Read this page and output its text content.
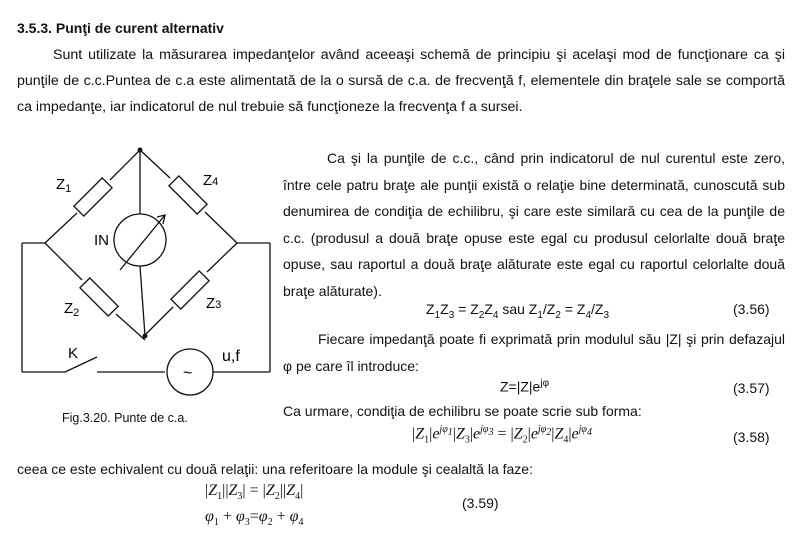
3.5.3. Punţi de curent alternativ
Sunt utilizate la măsurarea impedanţelor având aceeaşi schemă de principiu şi acelaşi mod de funcţionare ca şi punţile de c.c.Puntea de c.a este alimentată de la o sursă de c.a. de frecvenţă f, elementele din braţele sale se comportă ca impedanţe, iar indicatorul de nul trebuie să funcţioneze la frecvenţa f a sursei.
$Z_1$	Z4
$Z_2$
Z3
IN
K	u,f
~
Fig.3.20. Punte de c.a.
Ca şi la punţile de c.c., când prin indicatorul de nul curentul este zero, între cele patru braţe ale punţii există o relaţie bine determinată, cunoscută sub denumirea de condiţia de echilibru, şi care este similară cu cea de la punţile de c.c. (produsul a două braţe opuse este egal cu produsul celorlalte două braţe opuse, sau raportul a două braţe alăturate este egal cu raportul celorlalte două braţe alăturate).
$Z_1Z_3 = Z_2Z_4$ sau $Z_1/Z_2 = Z_4/Z_3$	(3.56)
Fiecare impedanţă poate fi exprimată prin modulul său |Z| şi prin defazajul φ pe care îl introduce:
$Z=|Z|e^{j\varphi}$	(3.57)
Ca urmare, condiţia de echilibru se poate scrie sub forma:
$|Z_1|e^{j\varphi_1}|Z_3|e^{j\varphi_3} = |Z_2|e^{j\varphi_2}|Z_4|e^{j\varphi_4}$	(3.58)
ceea ce este echivalent cu două relaţii: una referitoare la module şi cealaltă la faze:
$|Z_1||Z_3| = |Z_2||Z_4|$
$\varphi_1 + \varphi_3=\varphi_2 + \varphi_4$
(3.59)
